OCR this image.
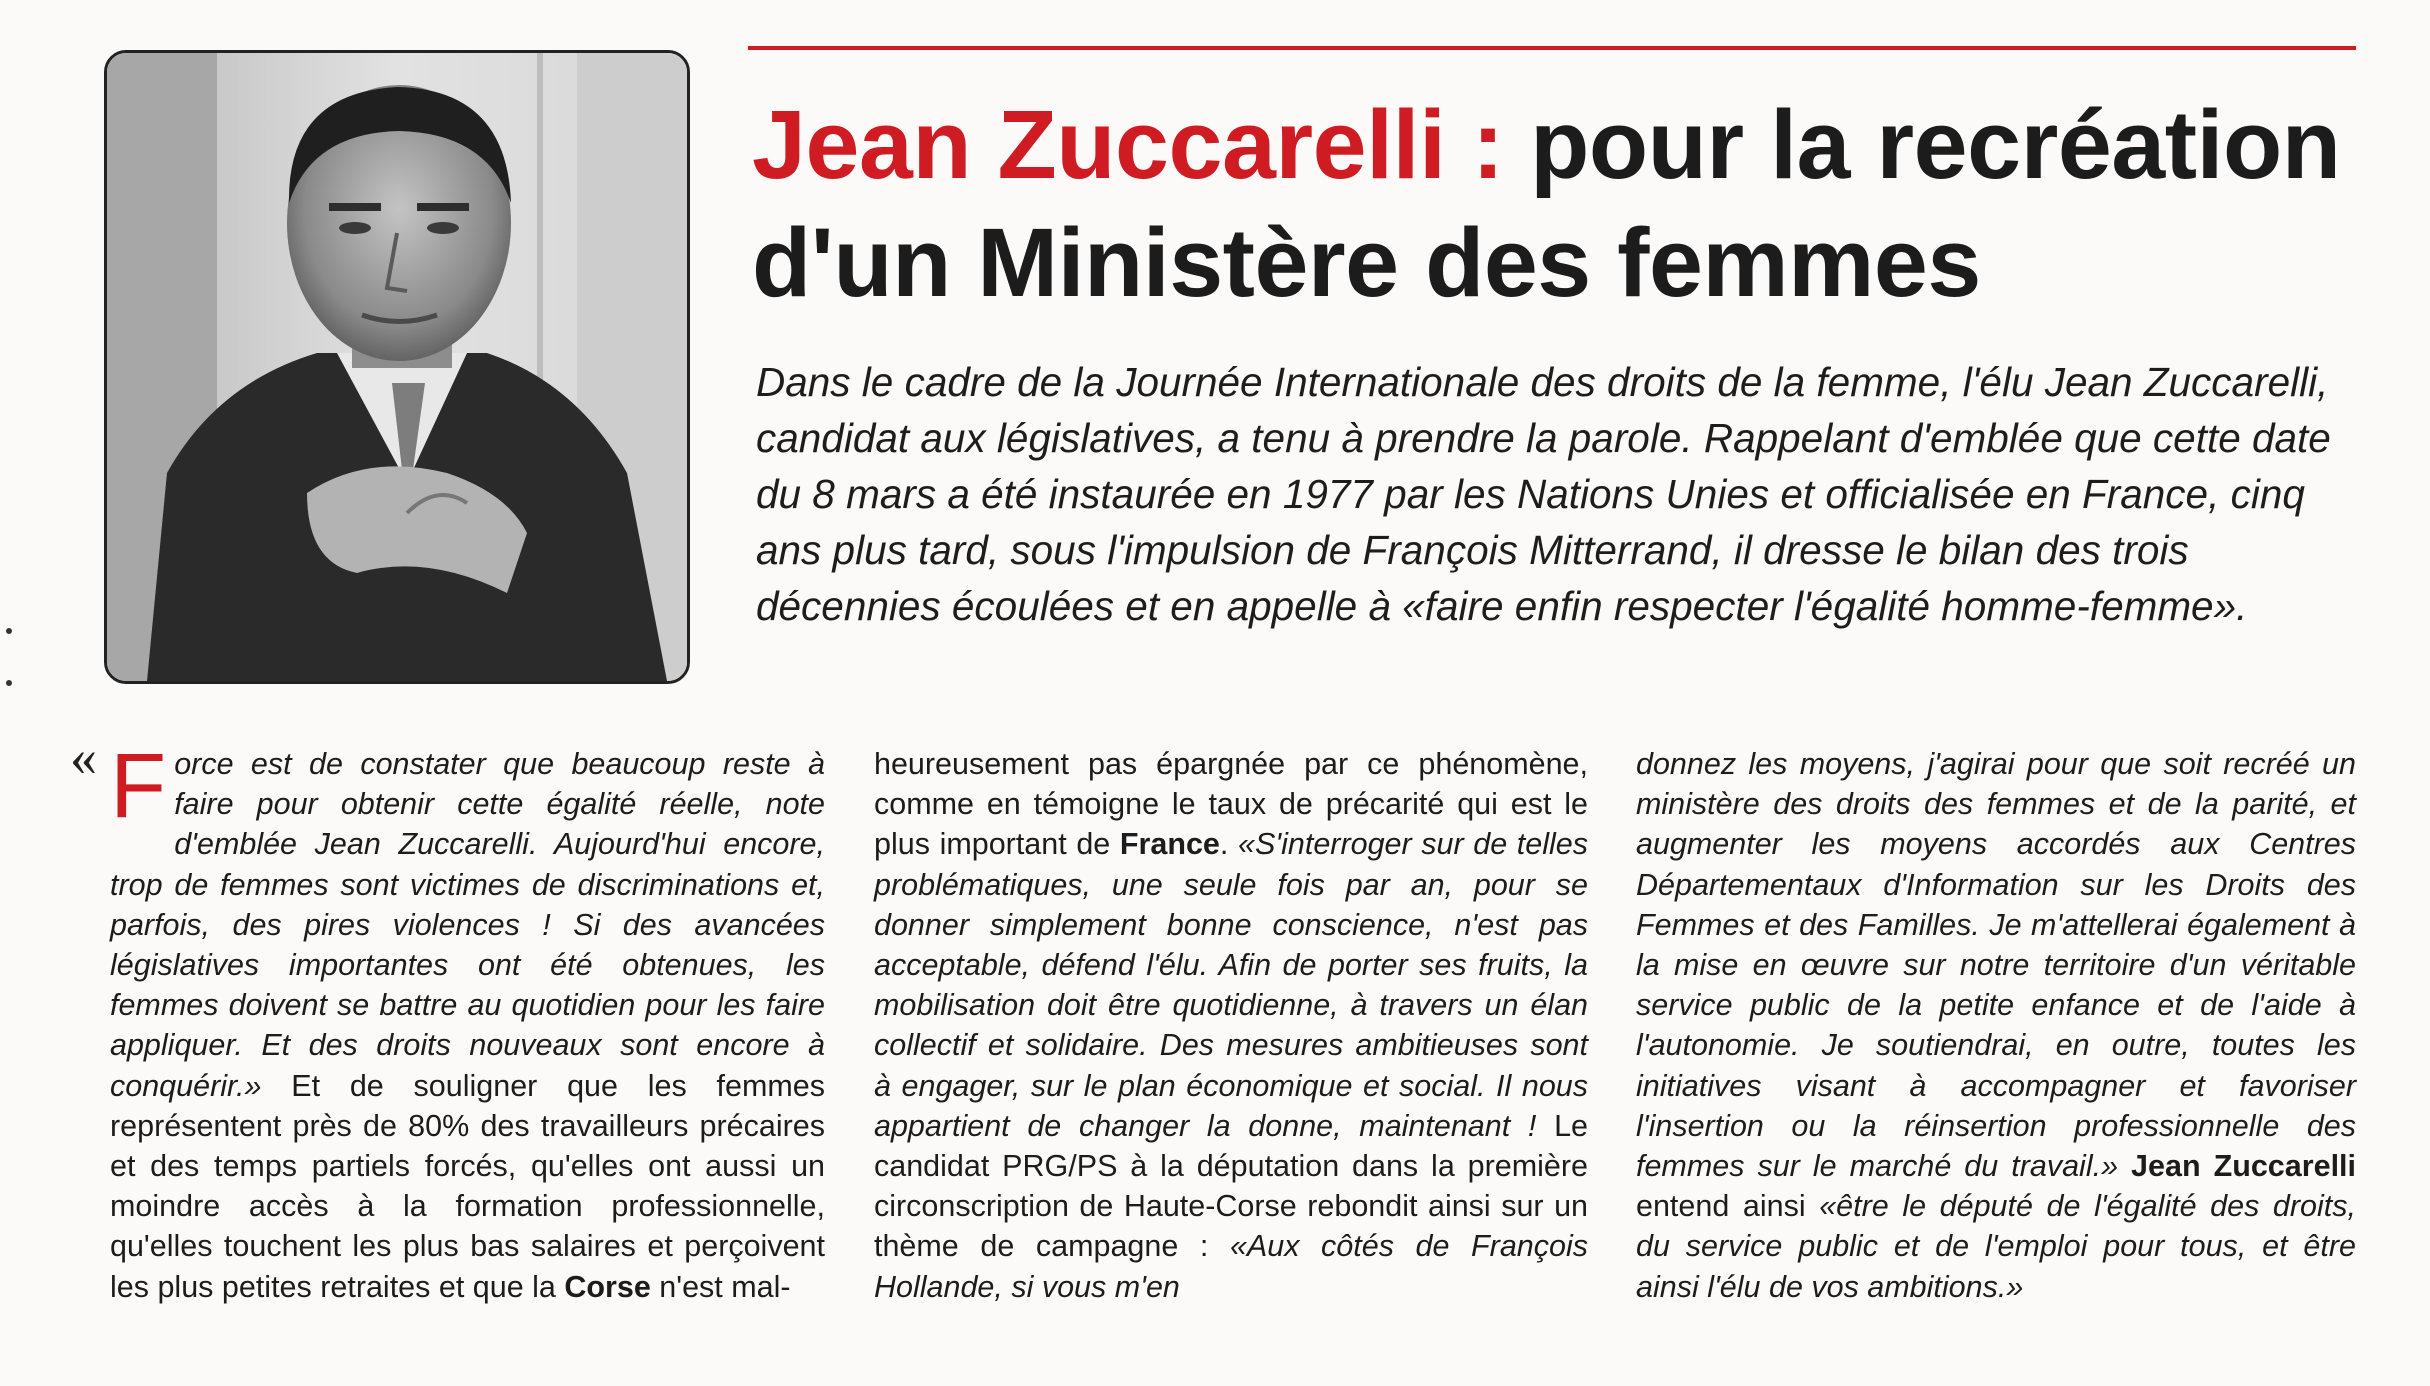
Jean Zuccarelli : pour la recréation d'un Ministère des femmes

Dans le cadre de la Journée Internationale des droits de la femme, l'élu Jean Zuccarelli, candidat aux législatives, a tenu à prendre la parole. Rappelant d'emblée que cette date du 8 mars a été instaurée en 1977 par les Nations Unies et officialisée en France, cinq ans plus tard, sous l'impulsion de François Mitterrand, il dresse le bilan des trois décennies écoulées et en appelle à «faire enfin respecter l'égalité homme-femme».

« Force est de constater que beaucoup reste à faire pour obtenir cette égalité réelle, note d'emblée Jean Zuccarelli. Aujourd'hui encore, trop de femmes sont victimes de discriminations et, parfois, des pires violences ! Si des avancées législatives importantes ont été obtenues, les femmes doivent se battre au quotidien pour les faire appliquer. Et des droits nouveaux sont encore à conquérir.» Et de souligner que les femmes représentent près de 80% des travailleurs précaires et des temps partiels forcés, qu'elles ont aussi un moindre accès à la formation professionnelle, qu'elles touchent les plus bas salaires et perçoivent les plus petites retraites et que la Corse n'est mal-

heureusement pas épargnée par ce phénomène, comme en témoigne le taux de précarité qui est le plus important de France. «S'interroger sur de telles problématiques, une seule fois par an, pour se donner simplement bonne conscience, n'est pas acceptable, défend l'élu. Afin de porter ses fruits, la mobilisation doit être quotidienne, à travers un élan collectif et solidaire. Des mesures ambitieuses sont à engager, sur le plan économique et social. Il nous appartient de changer la donne, maintenant ! Le candidat PRG/PS à la députation dans la première circonscription de Haute-Corse rebondit ainsi sur un thème de campagne : «Aux côtés de François Hollande, si vous m'en

donnez les moyens, j'agirai pour que soit recréé un ministère des droits des femmes et de la parité, et augmenter les moyens accordés aux Centres Départementaux d'Information sur les Droits des Femmes et des Familles. Je m'attellerai également à la mise en œuvre sur notre territoire d'un véritable service public de la petite enfance et de l'aide à l'autonomie. Je soutiendrai, en outre, toutes les initiatives visant à accompagner et favoriser l'insertion ou la réinsertion professionnelle des femmes sur le marché du travail.» Jean Zuccarelli entend ainsi «être le député de l'égalité des droits, du service public et de l'emploi pour tous, et être ainsi l'élu de vos ambitions.»
